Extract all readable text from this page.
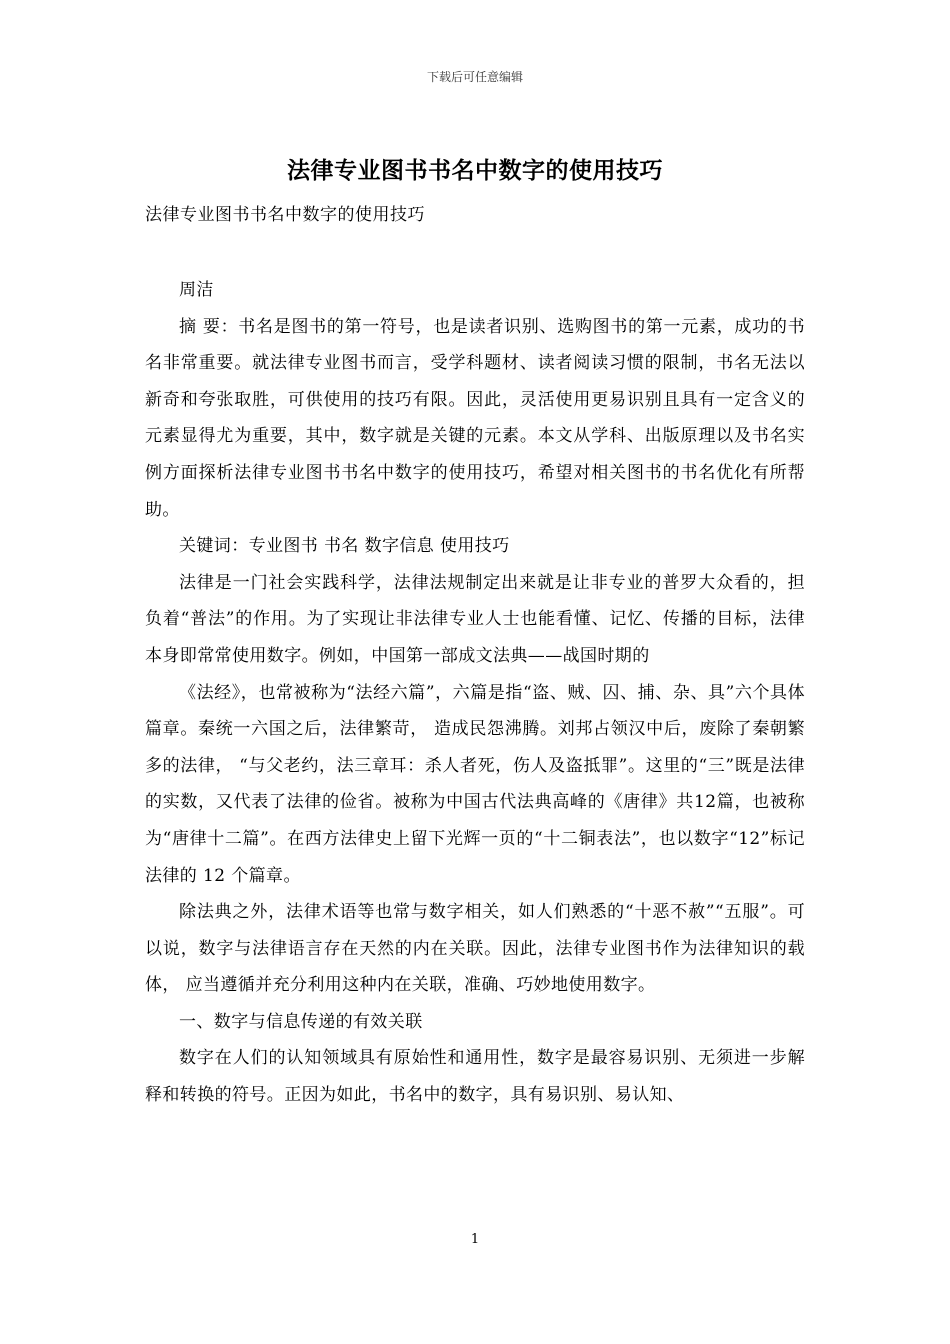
下载后可任意编辑
法律专业图书书名中数字的使用技巧
法律专业图书书名中数字的使用技巧

周洁

摘 要：书名是图书的第一符号，也是读者识别、选购图书的第一元素，成功的书名非常重要。就法律专业图书而言，受学科题材、读者阅读习惯的限制，书名无法以新奇和夸张取胜，可供使用的技巧有限。因此，灵活使用更易识别且具有一定含义的元素显得尤为重要，其中，数字就是关键的元素。本文从学科、出版原理以及书名实例方面探析法律专业图书书名中数字的使用技巧，希望对相关图书的书名优化有所帮助。

关键词：专业图书 书名 数字信息 使用技巧

法律是一门社会实践科学，法律法规制定出来就是让非专业的普罗大众看的，担负着“普法”的作用。为了实现让非法律专业人士也能看懂、记忆、传播的目标，法律本身即常常使用数字。例如，中国第一部成文法典——战国时期的

《法经》，也常被称为“法经六篇”，六篇是指“盗、贼、囚、捕、杂、具”六个具体篇章。秦统一六国之后，法律繁苛， 造成民怨沸腾。刘邦占领汉中后，废除了秦朝繁多的法律， “与父老约，法三章耳：杀人者死，伤人及盗抵罪”。这里的“三”既是法律的实数，又代表了法律的俭省。被称为中国古代法典高峰的《唐律》共12篇，也被称为“唐律十二篇”。在西方法律史上留下光辉一页的“十二铜表法”，也以数字“12”标记法律的 12 个篇章。

除法典之外，法律术语等也常与数字相关，如人们熟悉的“十恶不赦”“五服”。可以说，数字与法律语言存在天然的内在关联。因此，法律专业图书作为法律知识的载体， 应当遵循并充分利用这种内在关联，准确、巧妙地使用数字。

一、数字与信息传递的有效关联

数字在人们的认知领域具有原始性和通用性，数字是最容易识别、无须进一步解释和转换的符号。正因为如此，书名中的数字，具有易识别、易认知、

1
